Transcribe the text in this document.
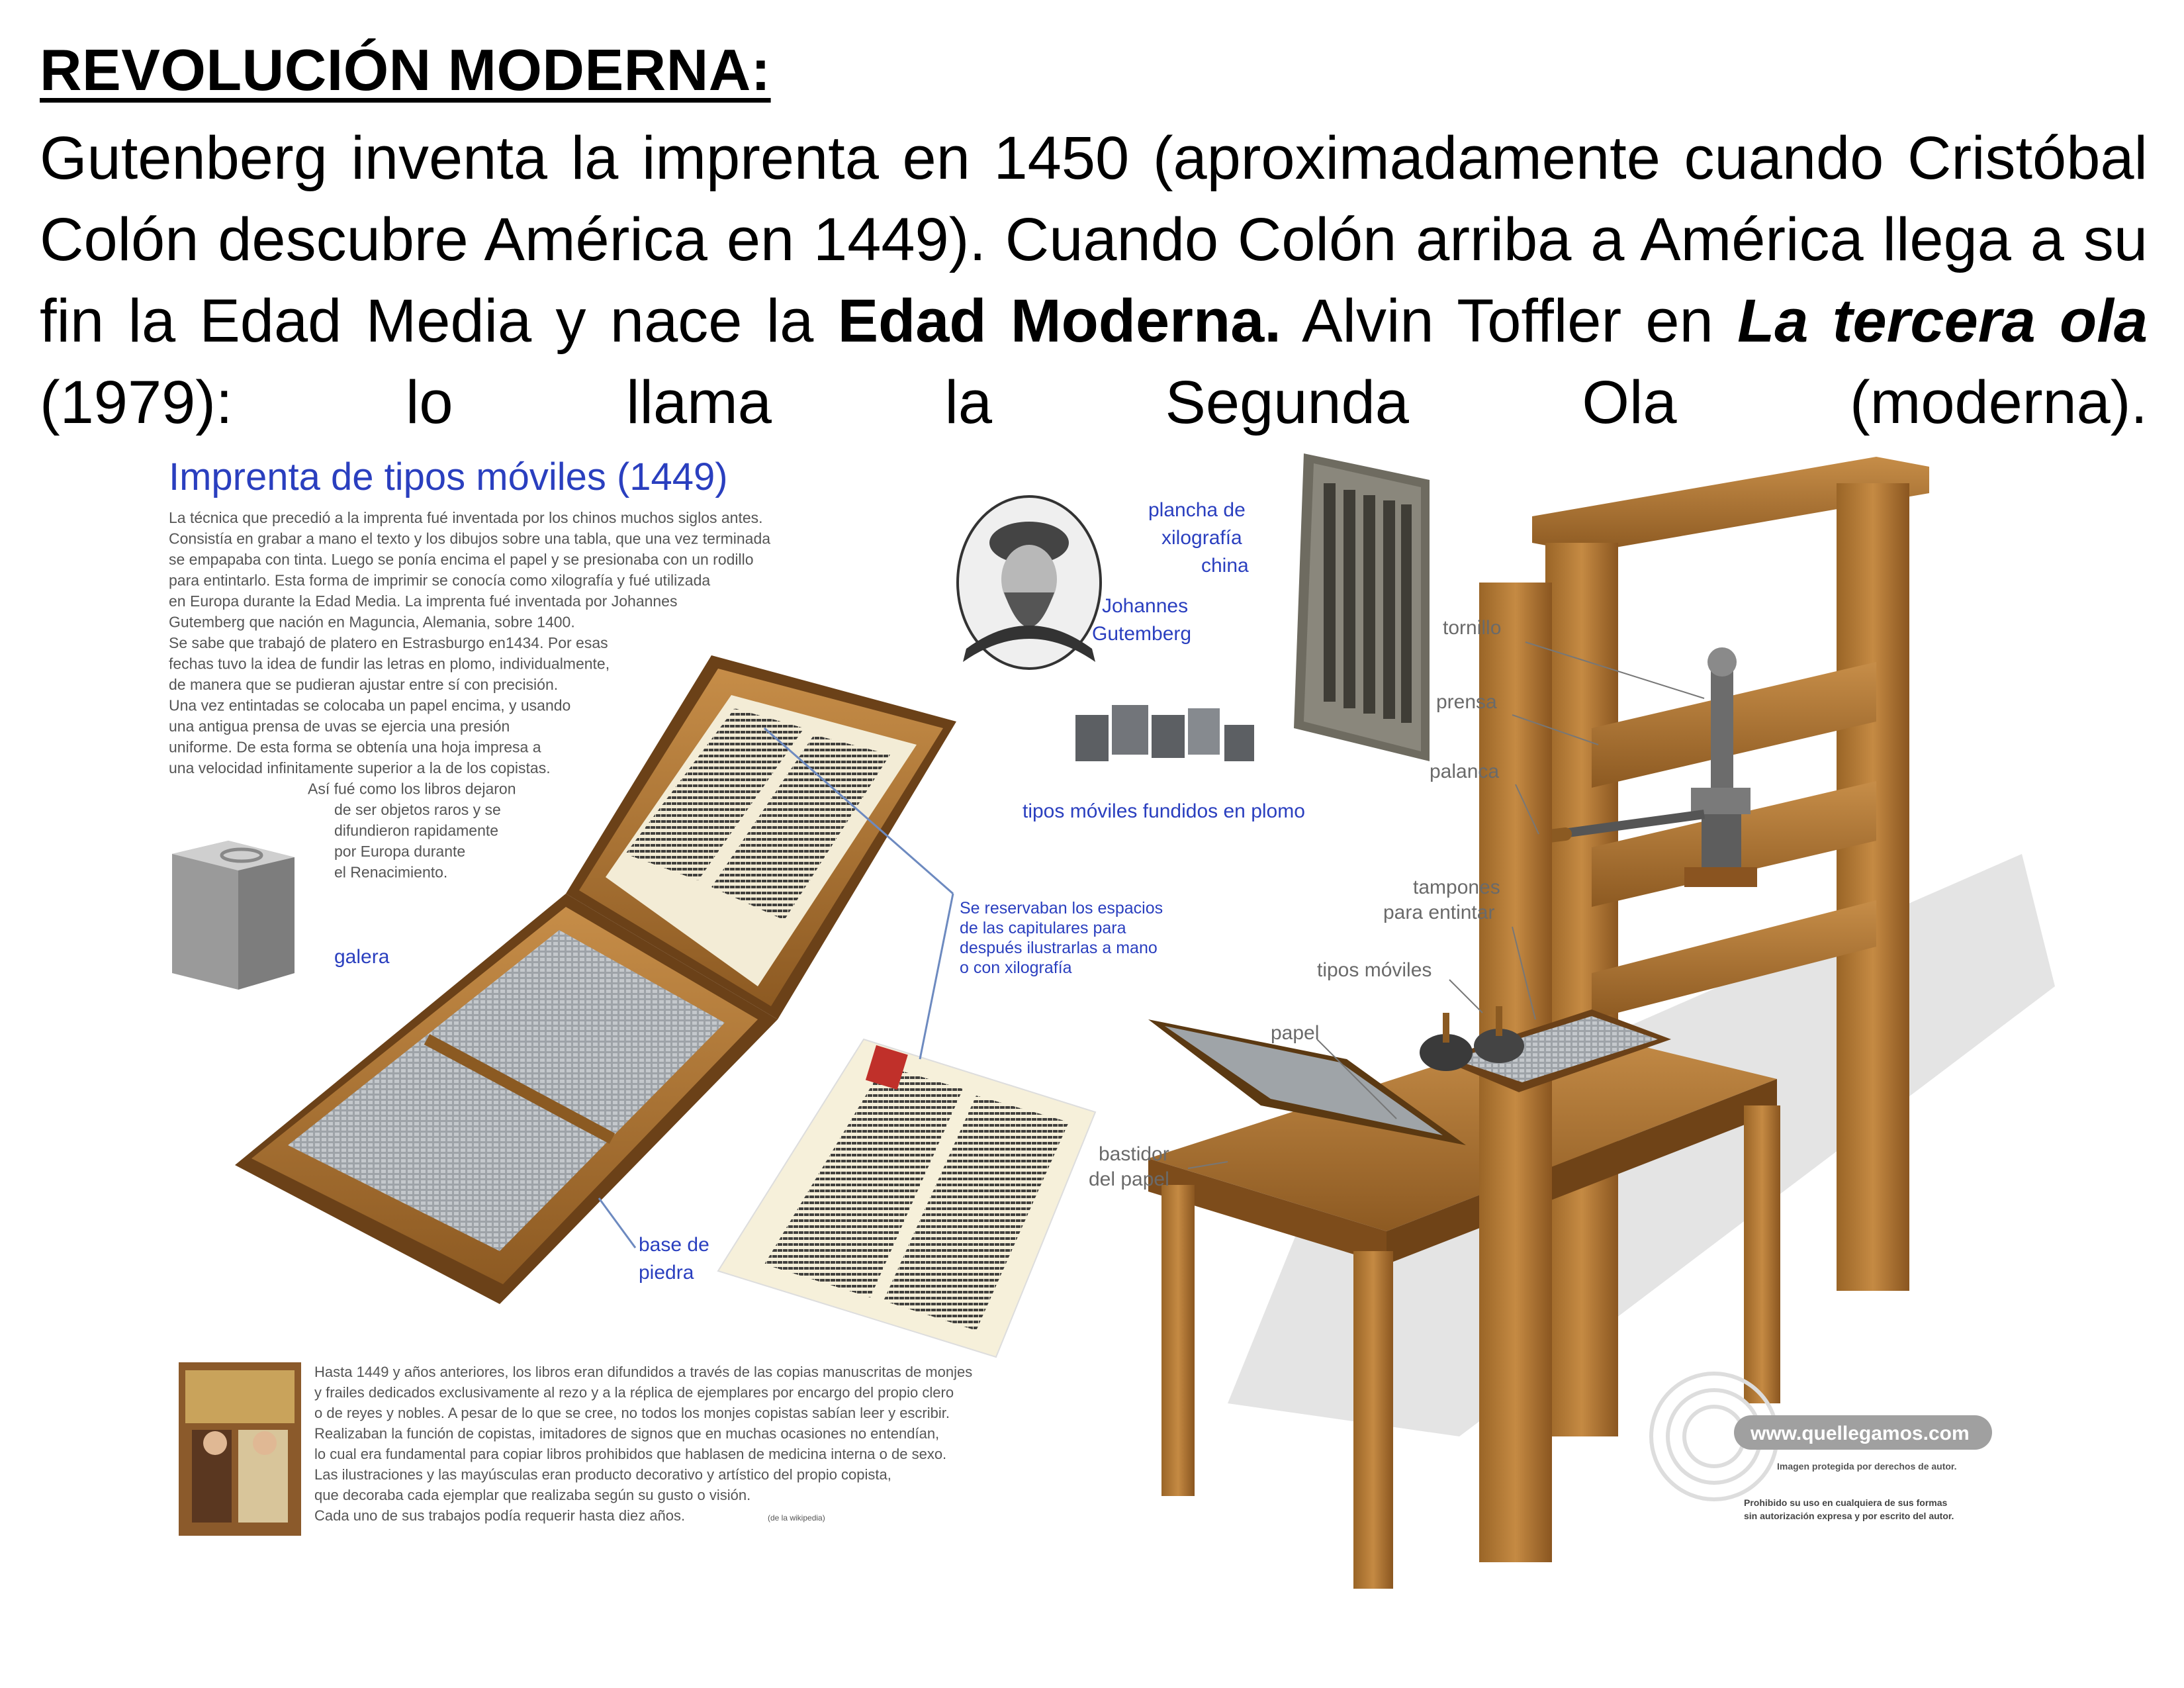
REVOLUCIÓN MODERNA:
Gutenberg inventa la imprenta en 1450 (aproximadamente cuando Cristóbal Colón descubre América en 1449). Cuando Colón arriba a América llega a su fin la Edad Media y nace la Edad Moderna. Alvin Toffler en La tercera ola (1979): lo llama la Segunda Ola (moderna).
Imprenta de tipos móviles (1449)
La técnica que precedió a la imprenta fué inventada por los chinos muchos siglos antes.
Consistía en grabar a mano el texto y los dibujos sobre una tabla, que una vez terminada
se empapaba con tinta. Luego se ponía encima el papel y se presionaba con un rodillo
para entintarlo. Esta forma de imprimir se conocía como xilografía y fué utilizada
en Europa durante la Edad Media. La imprenta fué inventada por Johannes
Gutemberg que nación en Maguncia, Alemania, sobre 1400.
Se sabe que trabajó de platero en Estrasburgo en1434. Por esas
fechas tuvo la idea de fundir las letras en plomo, individualmente,
de manera que se pudieran ajustar entre sí con precisión.
Una vez entintadas se colocaba un papel encima, y usando
una antigua prensa de uvas se ejercia una presión
uniforme. De esta forma se obtenía una hoja impresa a
una velocidad infinitamente superior a la de los copistas.
Así fué como los libros dejaron
de ser objetos raros y se
difundieron rapidamente
por Europa durante
el Renacimiento.
galera
base de
piedra
Se reservaban los espacios
de las capitulares para
después ilustrarlas a mano
o con xilografía
Johannes
Gutemberg
plancha de
xilografía
china
tipos móviles fundidos en plomo
tornillo
prensa
palanca
tampones
para entintar
tipos móviles
papel
bastidor
del papel
Hasta 1449 y años anteriores, los libros eran difundidos a través de las copias manuscritas de monjes
y frailes dedicados exclusivamente al rezo y a la réplica de ejemplares por encargo del propio clero
o de reyes y nobles. A pesar de lo que se cree, no todos los monjes copistas sabían leer y escribir.
Realizaban la función de copistas, imitadores de signos que en muchas ocasiones no entendían,
lo cual era fundamental para copiar libros prohibidos que hablasen de medicina interna o de sexo.
Las ilustraciones y las mayúsculas eran producto decorativo y artístico del propio copista,
que decoraba cada ejemplar que realizaba según su gusto o visión.
Cada uno de sus trabajos podía requerir hasta diez años.	(de la wikipedia)
www.quellegamos.com
Imagen protegida por derechos de autor.
Prohibido su uso en cualquiera de sus formas
sin autorización expresa y por escrito del autor.
